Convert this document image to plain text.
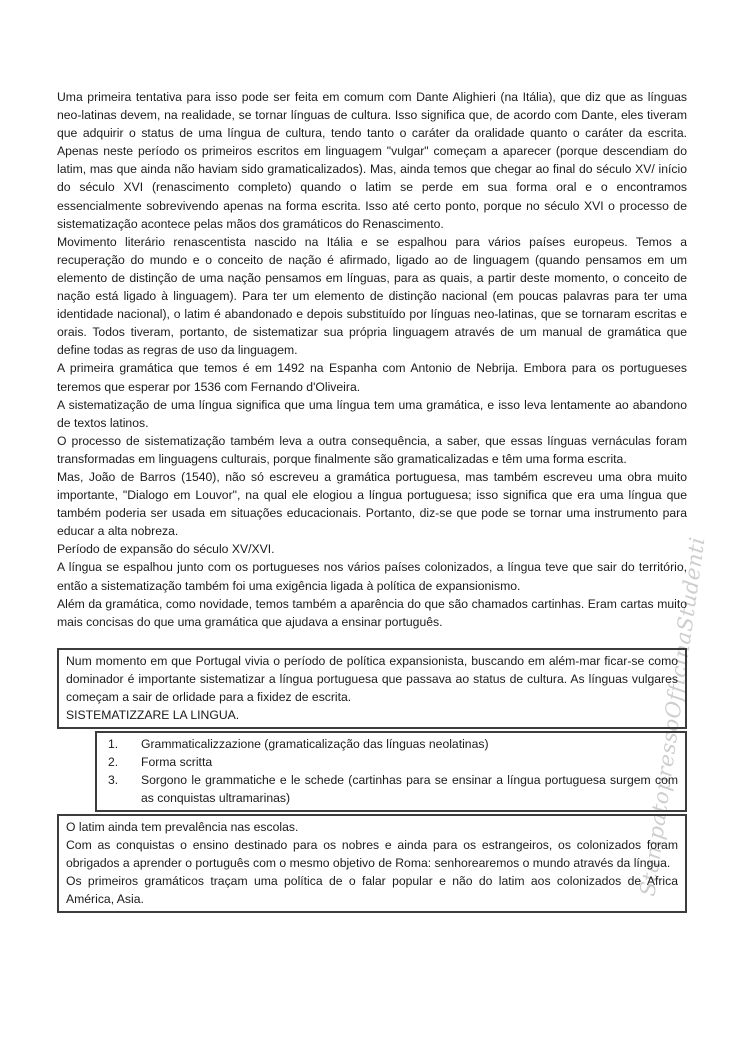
StampatopressoOfficinaStudenti

Uma primeira tentativa para isso pode ser feita em comum com Dante Alighieri (na Itália), que diz que as línguas neo-latinas devem, na realidade, se tornar línguas de cultura. Isso significa que, de acordo com Dante, eles tiveram que adquirir o status de uma língua de cultura, tendo tanto o caráter da oralidade quanto o caráter da escrita. Apenas neste período os primeiros escritos em linguagem "vulgar" começam a aparecer (porque descendiam do latim, mas que ainda não haviam sido gramaticalizados). Mas, ainda temos que chegar ao final do século XV/ início do século XVI (renascimento completo) quando o latim se perde em sua forma oral e o encontramos essencialmente sobrevivendo apenas na forma escrita. Isso até certo ponto, porque no século XVI o processo de sistematização acontece pelas mãos dos gramáticos do Renascimento.

Movimento literário renascentista nascido na Itália e se espalhou para vários países europeus. Temos a recuperação do mundo e o conceito de nação é afirmado, ligado ao de linguagem (quando pensamos em um elemento de distinção de uma nação pensamos em línguas, para as quais, a partir deste momento, o conceito de nação está ligado à linguagem). Para ter um elemento de distinção nacional (em poucas palavras para ter uma identidade nacional), o latim é abandonado e depois substituído por línguas neo-latinas, que se tornaram escritas e orais. Todos tiveram, portanto, de sistematizar sua própria linguagem através de um manual de gramática que define todas as regras de uso da linguagem.

A primeira gramática que temos é em 1492 na Espanha com Antonio de Nebrija. Embora para os portugueses teremos que esperar por 1536 com Fernando d'Oliveira.

A sistematização de uma língua significa que uma língua tem uma gramática, e isso leva lentamente ao abandono de textos latinos.

O processo de sistematização também leva a outra consequência, a saber, que essas línguas vernáculas foram transformadas em linguagens culturais, porque finalmente são gramaticalizadas e têm uma forma escrita.

Mas, João de Barros (1540), não só escreveu a gramática portuguesa, mas também escreveu uma obra muito importante, "Dialogo em Louvor", na qual ele elogiou a língua portuguesa; isso significa que era uma língua que também poderia ser usada em situações educacionais. Portanto, diz-se que pode se tornar uma instrumento para educar a alta nobreza.

Período de expansão do século XV/XVI.

A língua se espalhou junto com os portugueses nos vários países colonizados, a língua teve que sair do território, então a sistematização também foi uma exigência ligada à política de expansionismo.

Além da gramática, como novidade, temos também a aparência do que são chamados cartinhas. Eram cartas muito mais concisas do que uma gramática que ajudava a ensinar português.

Num momento em que Portugal vivia o período de política expansionista, buscando em além-mar ficar-se como dominador é importante sistematizar a língua portuguesa que passava ao status de cultura. As línguas vulgares começam a sair de orlidade para a fixidez de escrita.

SISTEMATIZZARE LA LINGUA.

1.	Grammaticalizzazione (gramaticalização das línguas neolatinas)
2.	Forma scritta
3.	Sorgono le grammatiche e le schede (cartinhas para se ensinar a língua portuguesa surgem com as conquistas ultramarinas)

O latim ainda tem prevalência nas escolas.

Com as conquistas o ensino destinado para os nobres e ainda para os estrangeiros, os colonizados foram obrigados a aprender o português com o mesmo objetivo de Roma: senhorearemos o mundo através da língua.

Os primeiros gramáticos traçam uma política de o falar popular e não do latim aos colonizados de Africa América, Asia.
